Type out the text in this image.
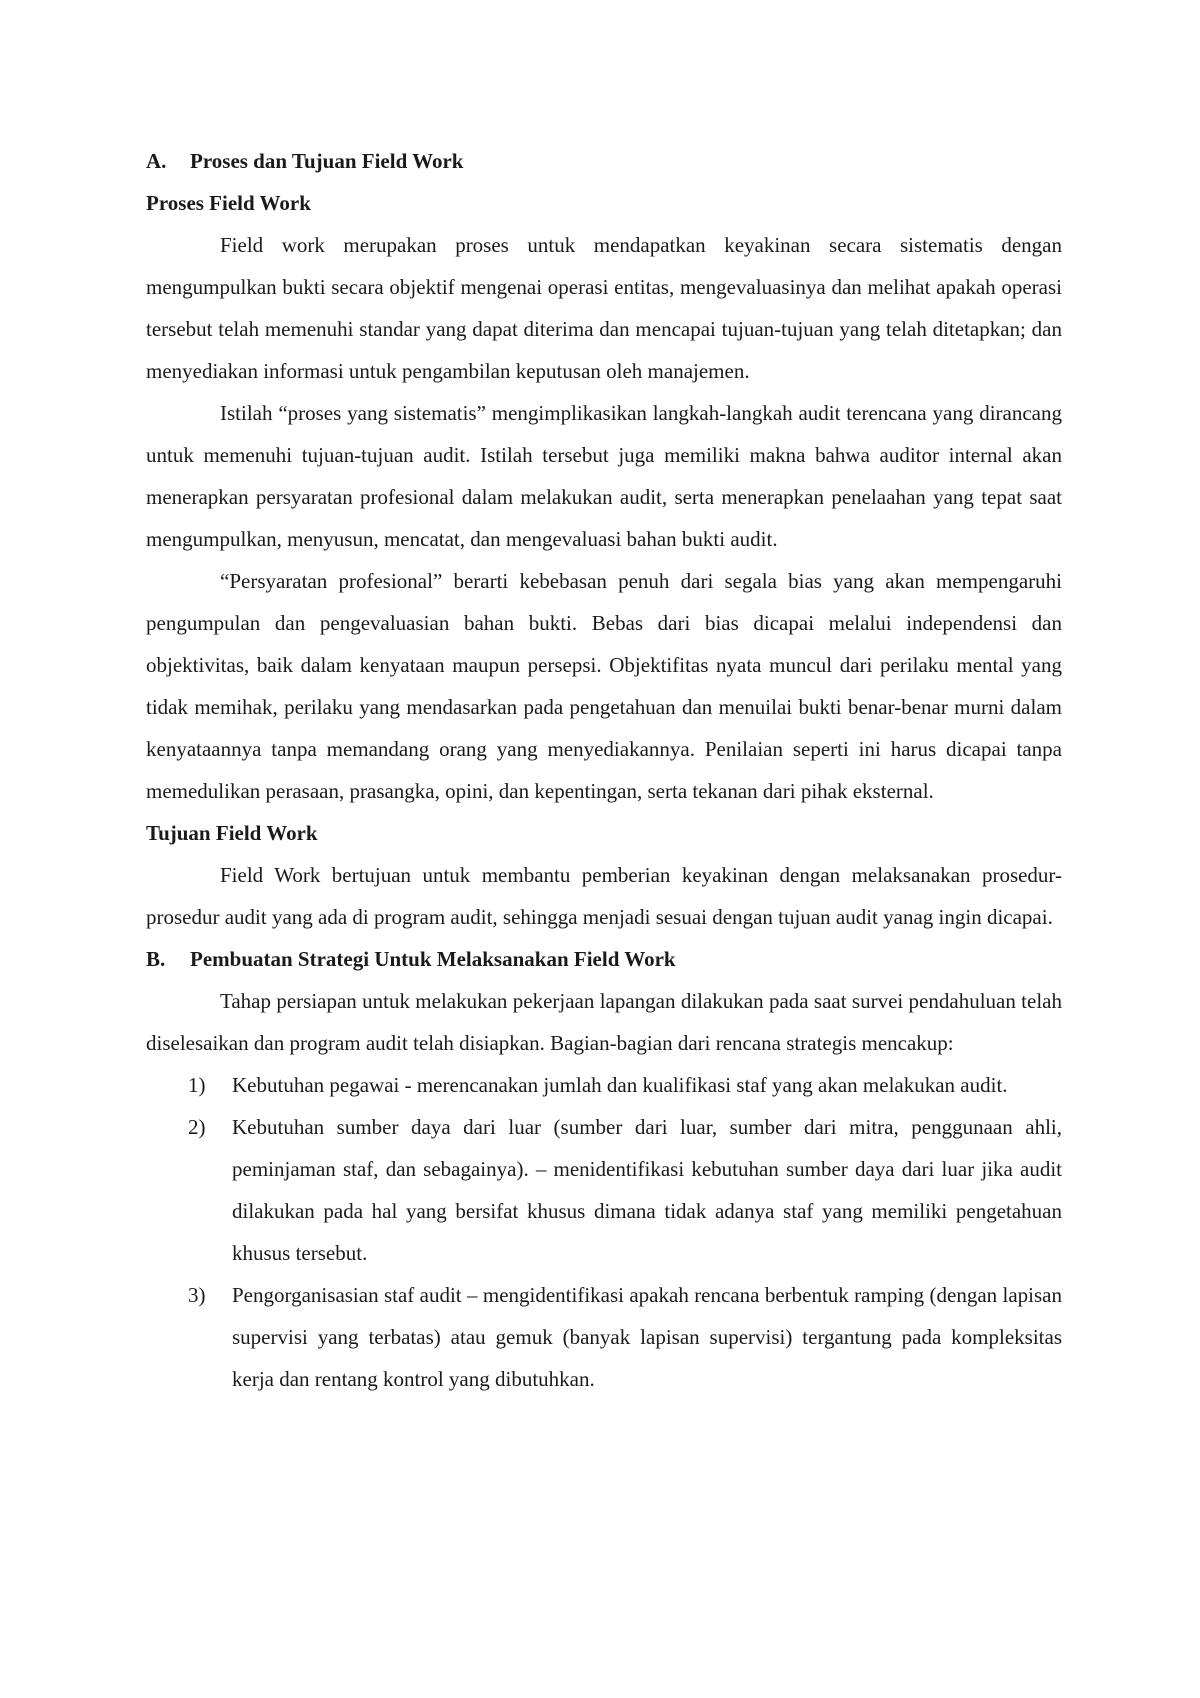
A. Proses dan Tujuan Field Work
Proses Field Work

Field work merupakan proses untuk mendapatkan keyakinan secara sistematis dengan mengumpulkan bukti secara objektif mengenai operasi entitas, mengevaluasinya dan melihat apakah operasi tersebut telah memenuhi standar yang dapat diterima dan mencapai tujuan-tujuan yang telah ditetapkan; dan menyediakan informasi untuk pengambilan keputusan oleh manajemen.

Istilah “proses yang sistematis” mengimplikasikan langkah-langkah audit terencana yang dirancang untuk memenuhi tujuan-tujuan audit. Istilah tersebut juga memiliki makna bahwa auditor internal akan menerapkan persyaratan profesional dalam melakukan audit, serta menerapkan penelaahan yang tepat saat mengumpulkan, menyusun, mencatat, dan mengevaluasi bahan bukti audit.

“Persyaratan profesional” berarti kebebasan penuh dari segala bias yang akan mempengaruhi pengumpulan dan pengevaluasian bahan bukti. Bebas dari bias dicapai melalui independensi dan objektivitas, baik dalam kenyataan maupun persepsi. Objektifitas nyata muncul dari perilaku mental yang tidak memihak, perilaku yang mendasarkan pada pengetahuan dan menuilai bukti benar-benar murni dalam kenyataannya tanpa memandang orang yang menyediakannya. Penilaian seperti ini harus dicapai tanpa memedulikan perasaan, prasangka, opini, dan kepentingan, serta tekanan dari pihak eksternal.

Tujuan Field Work

Field Work bertujuan untuk membantu pemberian keyakinan dengan melaksanakan prosedur-prosedur audit yang ada di program audit, sehingga menjadi sesuai dengan tujuan audit yanag ingin dicapai.

B. Pembuatan Strategi Untuk Melaksanakan Field Work

Tahap persiapan untuk melakukan pekerjaan lapangan dilakukan pada saat survei pendahuluan telah diselesaikan dan program audit telah disiapkan. Bagian-bagian dari rencana strategis mencakup:

1) Kebutuhan pegawai - merencanakan jumlah dan kualifikasi staf yang akan melakukan audit.
2) Kebutuhan sumber daya dari luar (sumber dari luar, sumber dari mitra, penggunaan ahli, peminjaman staf, dan sebagainya). – menidentifikasi kebutuhan sumber daya dari luar jika audit dilakukan pada hal yang bersifat khusus dimana tidak adanya staf yang memiliki pengetahuan khusus tersebut.
3) Pengorganisasian staf audit – mengidentifikasi apakah rencana berbentuk ramping (dengan lapisan supervisi yang terbatas) atau gemuk (banyak lapisan supervisi) tergantung pada kompleksitas kerja dan rentang kontrol yang dibutuhkan.
